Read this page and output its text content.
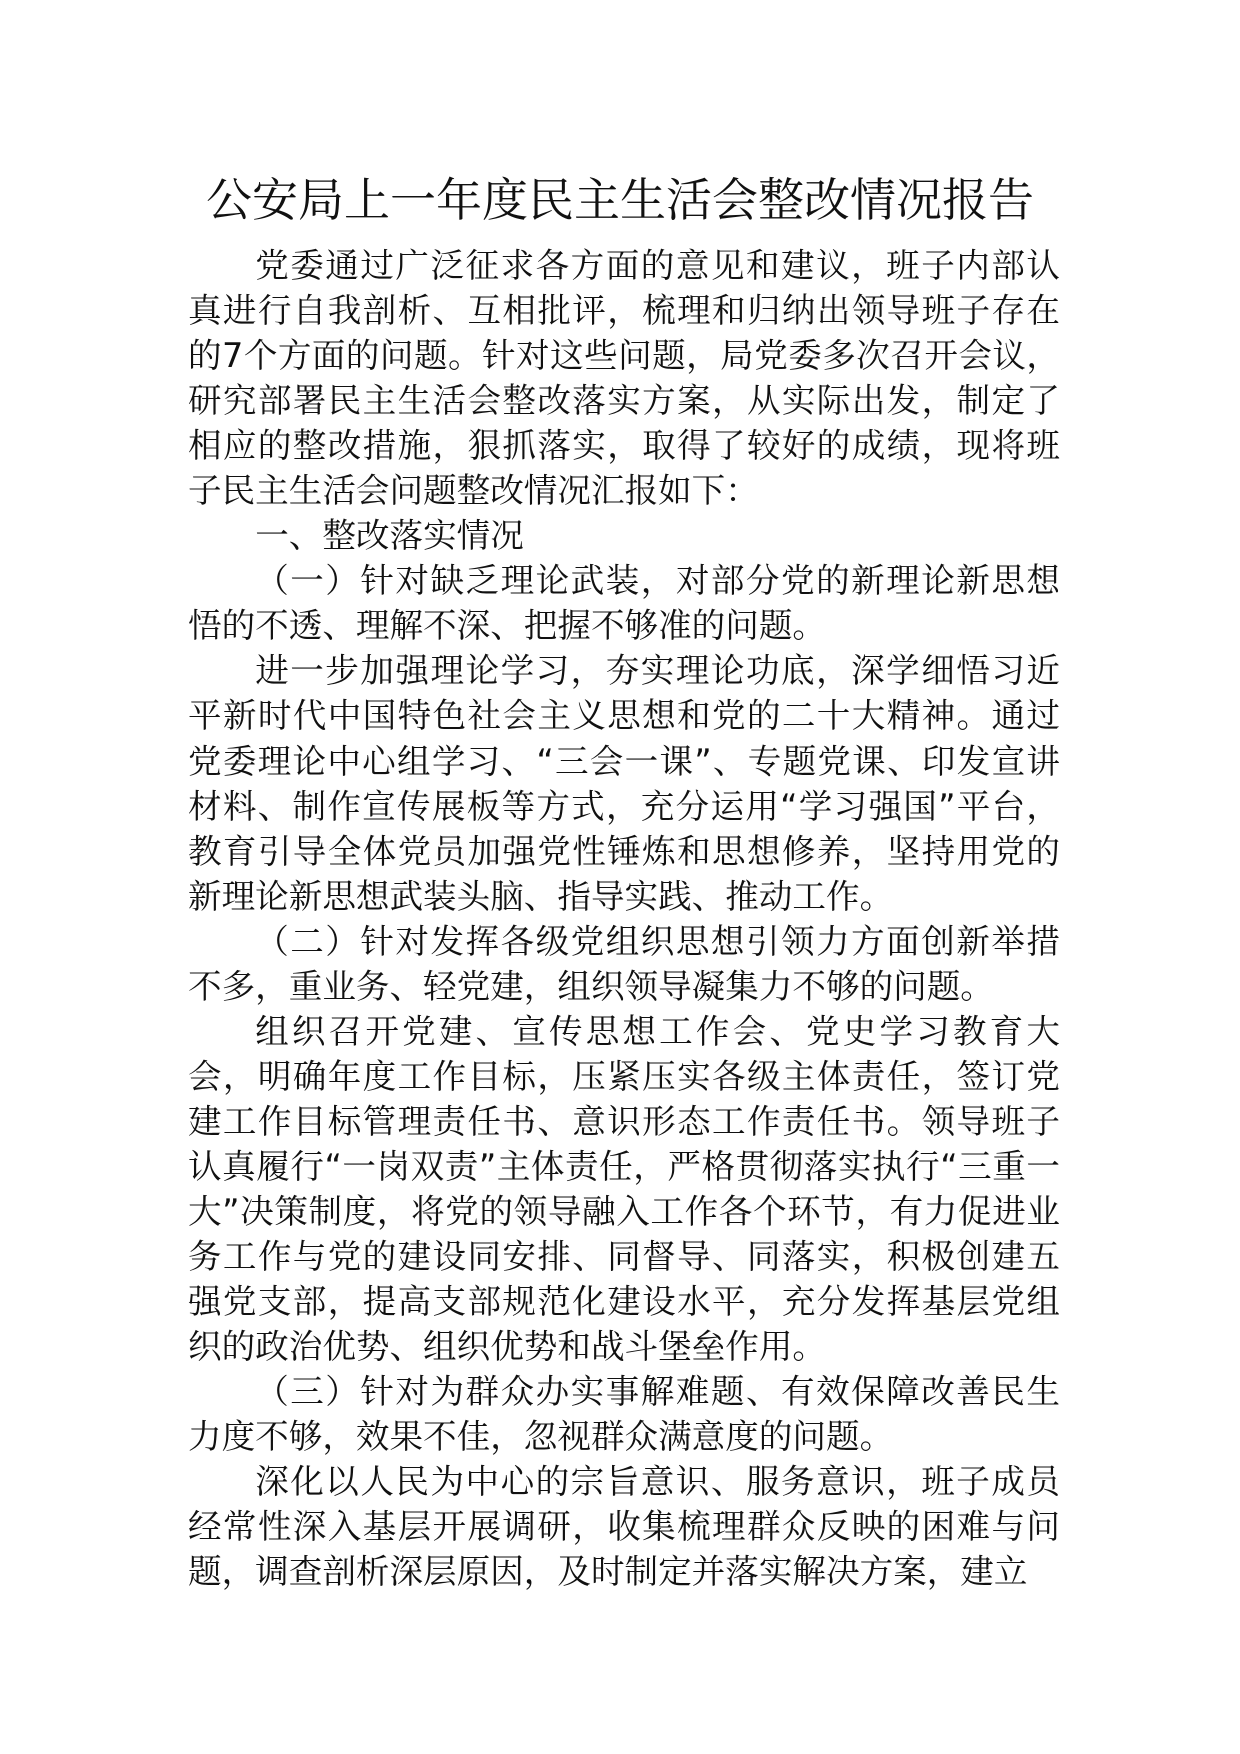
公安局上一年度民主生活会整改情况报告

党委通过广泛征求各方面的意见和建议，班子内部认真进行自我剖析、互相批评，梳理和归纳出领导班子存在的7个方面的问题。针对这些问题，局党委多次召开会议，研究部署民主生活会整改落实方案，从实际出发，制定了相应的整改措施，狠抓落实，取得了较好的成绩，现将班子民主生活会问题整改情况汇报如下：

一、整改落实情况

（一）针对缺乏理论武装，对部分党的新理论新思想悟的不透、理解不深、把握不够准的问题。

进一步加强理论学习，夯实理论功底，深学细悟习近平新时代中国特色社会主义思想和党的二十大精神。通过党委理论中心组学习、“三会一课”、专题党课、印发宣讲材料、制作宣传展板等方式，充分运用“学习强国”平台，教育引导全体党员加强党性锤炼和思想修养，坚持用党的新理论新思想武装头脑、指导实践、推动工作。

（二）针对发挥各级党组织思想引领力方面创新举措不多，重业务、轻党建，组织领导凝集力不够的问题。

组织召开党建、宣传思想工作会、党史学习教育大会，明确年度工作目标，压紧压实各级主体责任，签订党建工作目标管理责任书、意识形态工作责任书。领导班子认真履行“一岗双责”主体责任，严格贯彻落实执行“三重一大”决策制度，将党的领导融入工作各个环节，有力促进业务工作与党的建设同安排、同督导、同落实，积极创建五强党支部，提高支部规范化建设水平，充分发挥基层党组织的政治优势、组织优势和战斗堡垒作用。

（三）针对为群众办实事解难题、有效保障改善民生力度不够，效果不佳，忽视群众满意度的问题。

深化以人民为中心的宗旨意识、服务意识，班子成员经常性深入基层开展调研，收集梳理群众反映的困难与问题，调查剖析深层原因，及时制定并落实解决方案，建立
